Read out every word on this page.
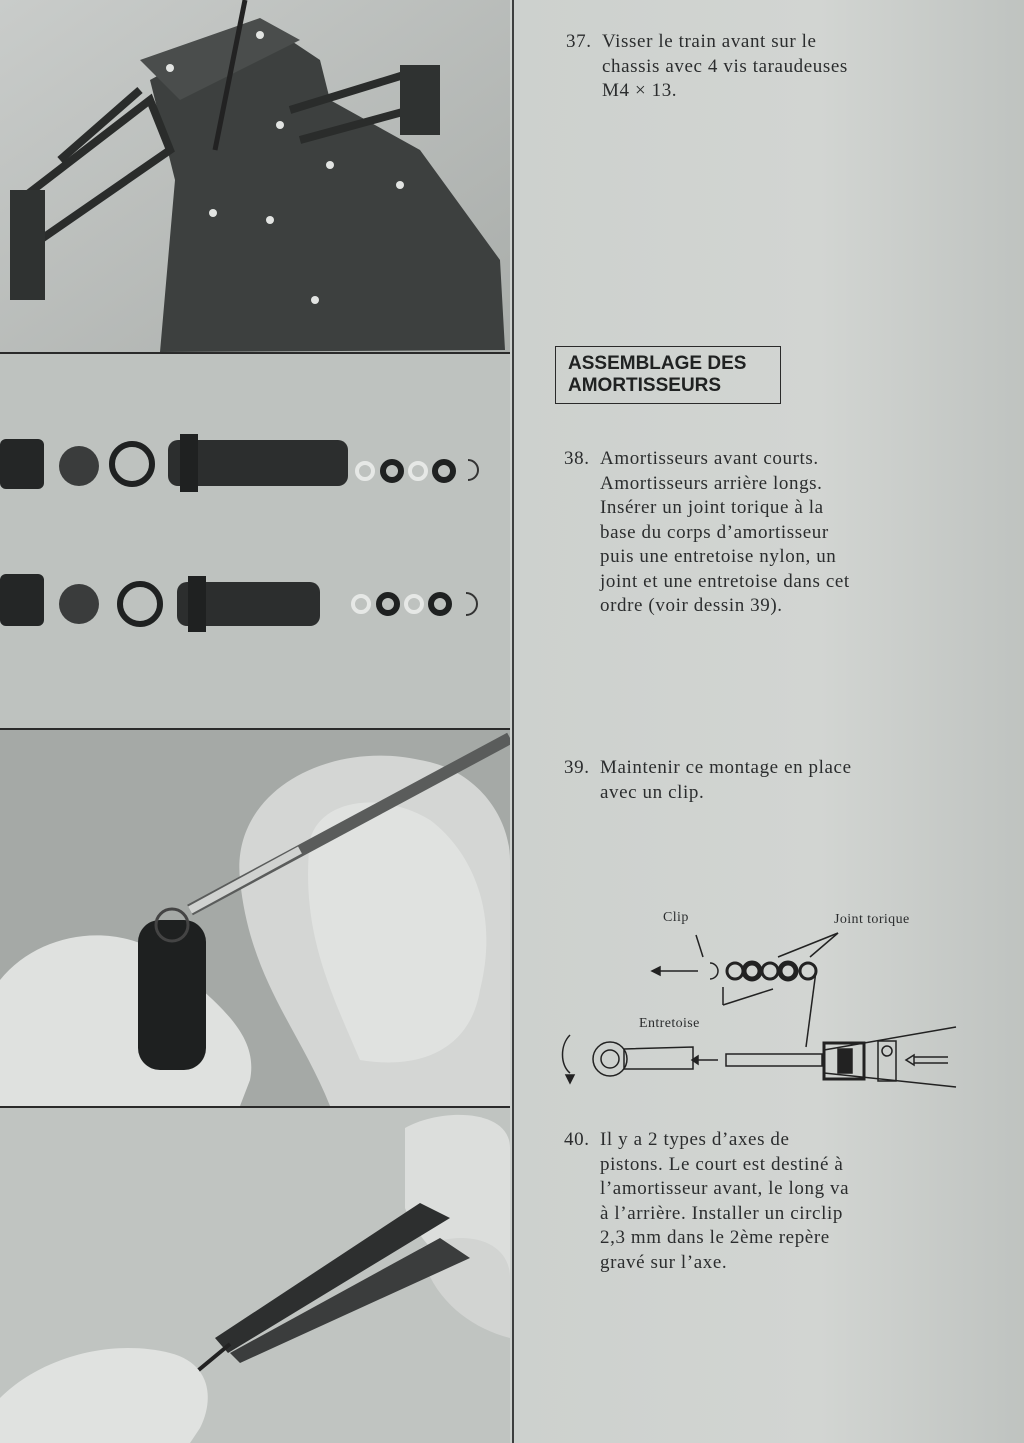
37. Visser le train avant sur le
chassis avec 4 vis taraudeuses
M4 × 13.
ASSEMBLAGE DES
AMORTISSEURS
38. Amortisseurs avant courts.
Amortisseurs arrière longs.
Insérer un joint torique à la
base du corps d’amortisseur
puis une entretoise nylon, un
joint et une entretoise dans cet
ordre (voir dessin 39).
39. Maintenir ce montage en place
avec un clip.
Clip	Joint torique
Entretoise
40. Il y a 2 types d’axes de
pistons. Le court est destiné à
l’amortisseur avant, le long va
à l’arrière. Installer un circlip
2,3 mm dans le 2ème repère
gravé sur l’axe.
